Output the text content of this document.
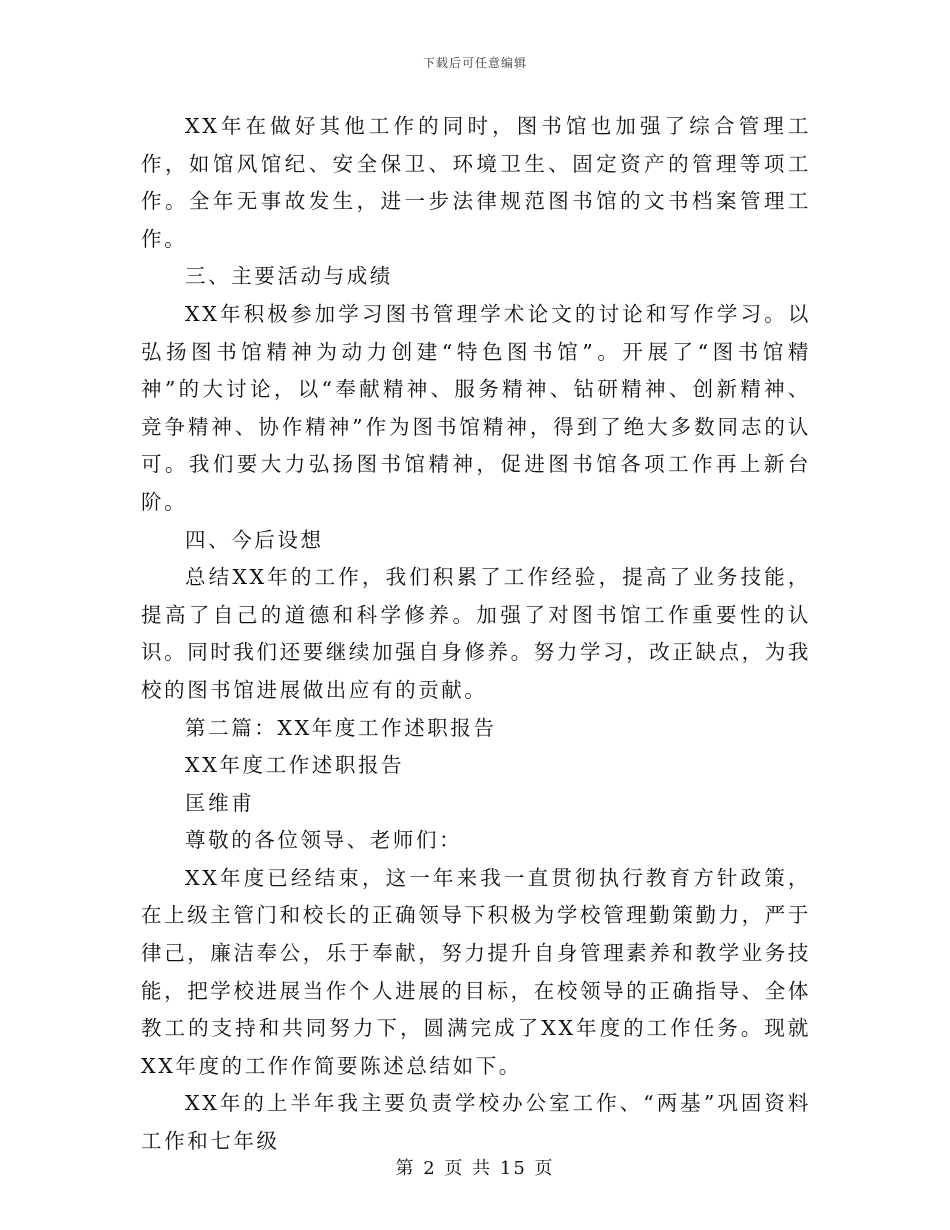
下载后可任意编辑

XX年在做好其他工作的同时，图书馆也加强了综合管理工作，如馆风馆纪、安全保卫、环境卫生、固定资产的管理等项工作。全年无事故发生，进一步法律规范图书馆的文书档案管理工作。

三、主要活动与成绩

XX年积极参加学习图书管理学术论文的讨论和写作学习。以弘扬图书馆精神为动力创建“特色图书馆”。开展了“图书馆精神”的大讨论，以“奉献精神、服务精神、钻研精神、创新精神、竞争精神、协作精神”作为图书馆精神，得到了绝大多数同志的认可。我们要大力弘扬图书馆精神，促进图书馆各项工作再上新台阶。

四、今后设想

总结XX年的工作，我们积累了工作经验，提高了业务技能，提高了自己的道德和科学修养。加强了对图书馆工作重要性的认识。同时我们还要继续加强自身修养。努力学习，改正缺点，为我校的图书馆进展做出应有的贡献。

第二篇：XX年度工作述职报告

XX年度工作述职报告

匡维甫

尊敬的各位领导、老师们：

XX年度已经结束，这一年来我一直贯彻执行教育方针政策，在上级主管门和校长的正确领导下积极为学校管理勤策勤力，严于律己，廉洁奉公，乐于奉献，努力提升自身管理素养和教学业务技能，把学校进展当作个人进展的目标，在校领导的正确指导、全体教工的支持和共同努力下，圆满完成了XX年度的工作任务。现就XX年度的工作作简要陈述总结如下。

XX年的上半年我主要负责学校办公室工作、“两基”巩固资料工作和七年级

第 2 页 共 15 页
